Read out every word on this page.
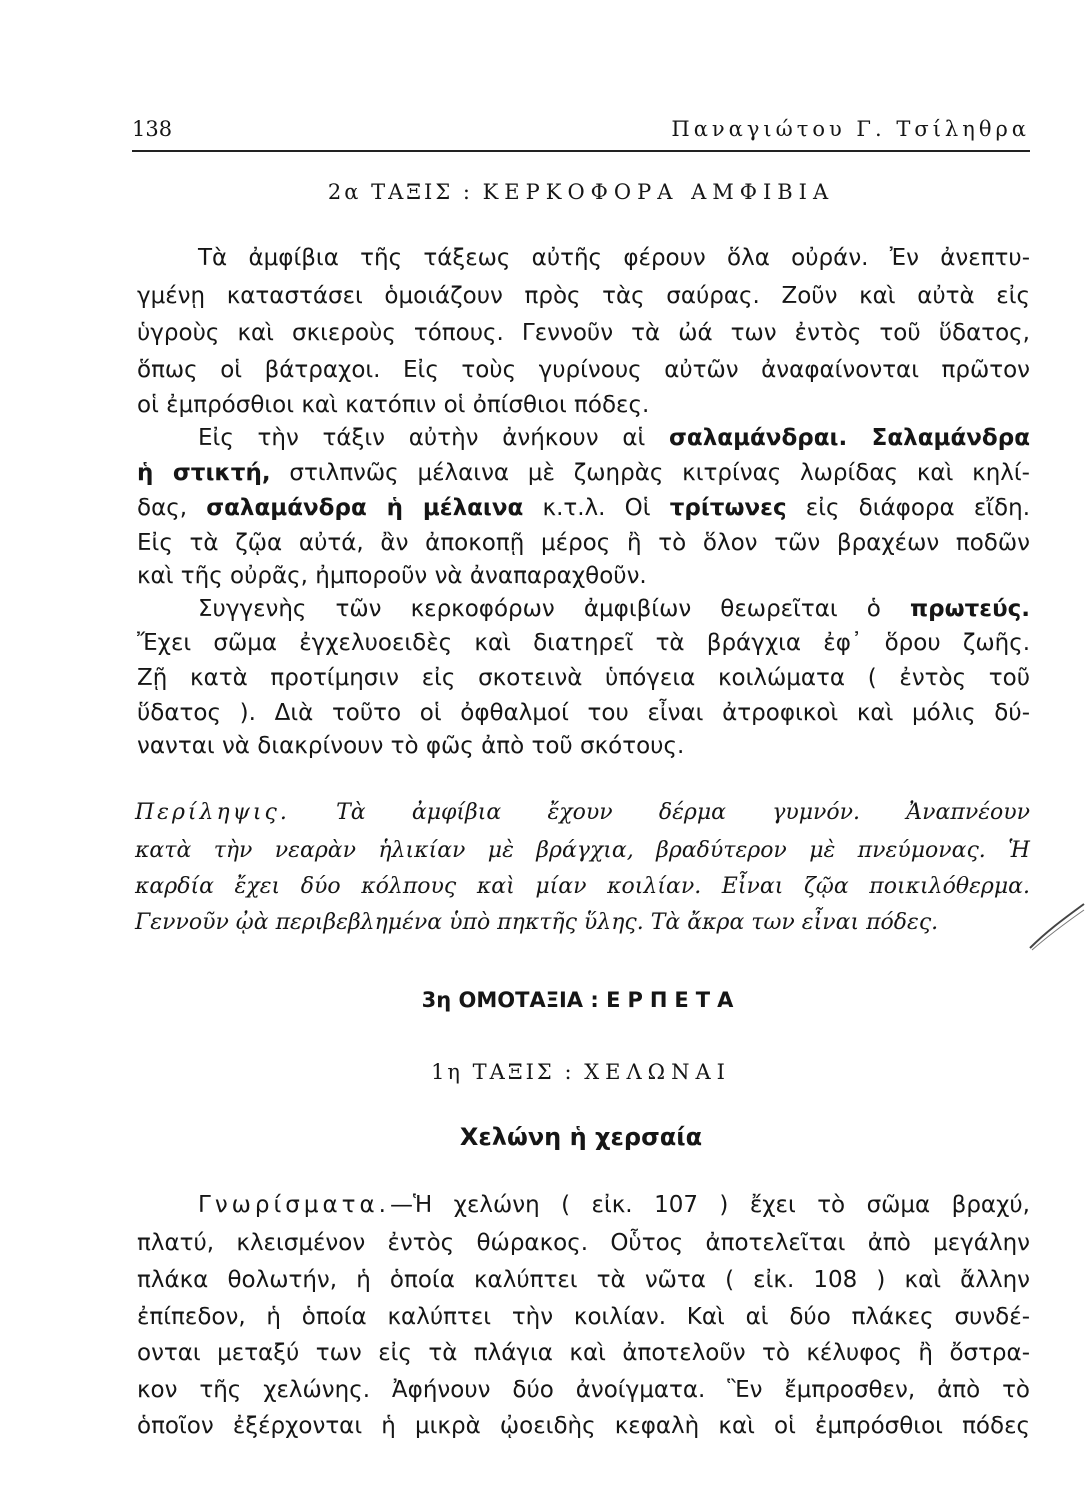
138	Παναγιώτου Γ. Τσίληθρα
2α ΤΑΞΙΣ : ΚΕΡΚΟΦΟΡΑ ΑΜΦΙΒΙΑ
Τὰ ἀμφίβια τῆς τάξεως αὐτῆς φέρουν ὅλα οὐράν. Ἐν ἀνεπτυ-
γμένῃ καταστάσει ὁμοιάζουν πρὸς τὰς σαύρας. Ζοῦν καὶ αὐτὰ εἰς
ὑγροὺς καὶ σκιεροὺς τόπους. Γεννοῦν τὰ ὠά των ἐντὸς τοῦ ὕδατος,
ὅπως οἱ βάτραχοι. Εἰς τοὺς γυρίνους αὐτῶν ἀναφαίνονται πρῶτον
οἱ ἐμπρόσθιοι καὶ κατόπιν οἱ ὀπίσθιοι πόδες.
Εἰς τὴν τάξιν αὐτὴν ἀνήκουν αἱ σαλαμάνδραι. Σαλαμάνδρα
ἡ στικτή, στιλπνῶς μέλαινα μὲ ζωηρὰς κιτρίνας λωρίδας καὶ κηλί-
δας, σαλαμάνδρα ἡ μέλαινα κ.τ.λ. Οἱ τρίτωνες εἰς διάφορα εἴδη.
Εἰς τὰ ζῷα αὐτά, ἂν ἀποκοπῇ μέρος ἢ τὸ ὅλον τῶν βραχέων ποδῶν
καὶ τῆς οὐρᾶς, ἠμποροῦν νὰ ἀναπαραχθοῦν.
Συγγενὴς τῶν κερκοφόρων ἀμφιβίων θεωρεῖται ὁ πρωτεύς.
Ἔχει σῶμα ἐγχελυοειδὲς καὶ διατηρεῖ τὰ βράγχια ἐφ᾽ ὅρου ζωῆς.
Ζῇ κατὰ προτίμησιν εἰς σκοτεινὰ ὑπόγεια κοιλώματα ( ἐντὸς τοῦ
ὕδατος ). Διὰ τοῦτο οἱ ὀφθαλμοί του εἶναι ἀτροφικοὶ καὶ μόλις δύ-
νανται νὰ διακρίνουν τὸ φῶς ἀπὸ τοῦ σκότους.
Περίληψις. Τὰ ἀμφίβια ἔχουν δέρμα γυμνόν. Ἀναπνέουν
κατὰ τὴν νεαρὰν ἡλικίαν μὲ βράγχια, βραδύτερον μὲ πνεύμονας. Ἡ
καρδία ἔχει δύο κόλπους καὶ μίαν κοιλίαν. Εἶναι ζῷα ποικιλόθερμα.
Γεννοῦν ᾠὰ περιβεβλημένα ὑπὸ πηκτῆς ὕλης. Τὰ ἄκρα των εἶναι πόδες.
3η ΟΜΟΤΑΞΙΑ : ΕΡΠΕΤΑ
1η ΤΑΞΙΣ : ΧΕΛΩΝΑΙ
Χελώνη ἡ χερσαία
Γνωρίσματα.—Ἡ χελώνη ( εἰκ. 107 ) ἔχει τὸ σῶμα βραχύ,
πλατύ, κλεισμένον ἐντὸς θώρακος. Οὗτος ἀποτελεῖται ἀπὸ μεγάλην
πλάκα θολωτήν, ἡ ὁποία καλύπτει τὰ νῶτα ( εἰκ. 108 ) καὶ ἄλλην
ἐπίπεδον, ἡ ὁποία καλύπτει τὴν κοιλίαν. Καὶ αἱ δύο πλάκες συνδέ-
ονται μεταξύ των εἰς τὰ πλάγια καὶ ἀποτελοῦν τὸ κέλυφος ἢ ὄστρα-
κον τῆς χελώνης. Ἀφήνουν δύο ἀνοίγματα. Ἓν ἔμπροσθεν, ἀπὸ τὸ
ὁποῖον ἐξέρχονται ἡ μικρὰ ᾠοειδὴς κεφαλὴ καὶ οἱ ἐμπρόσθιοι πόδες
